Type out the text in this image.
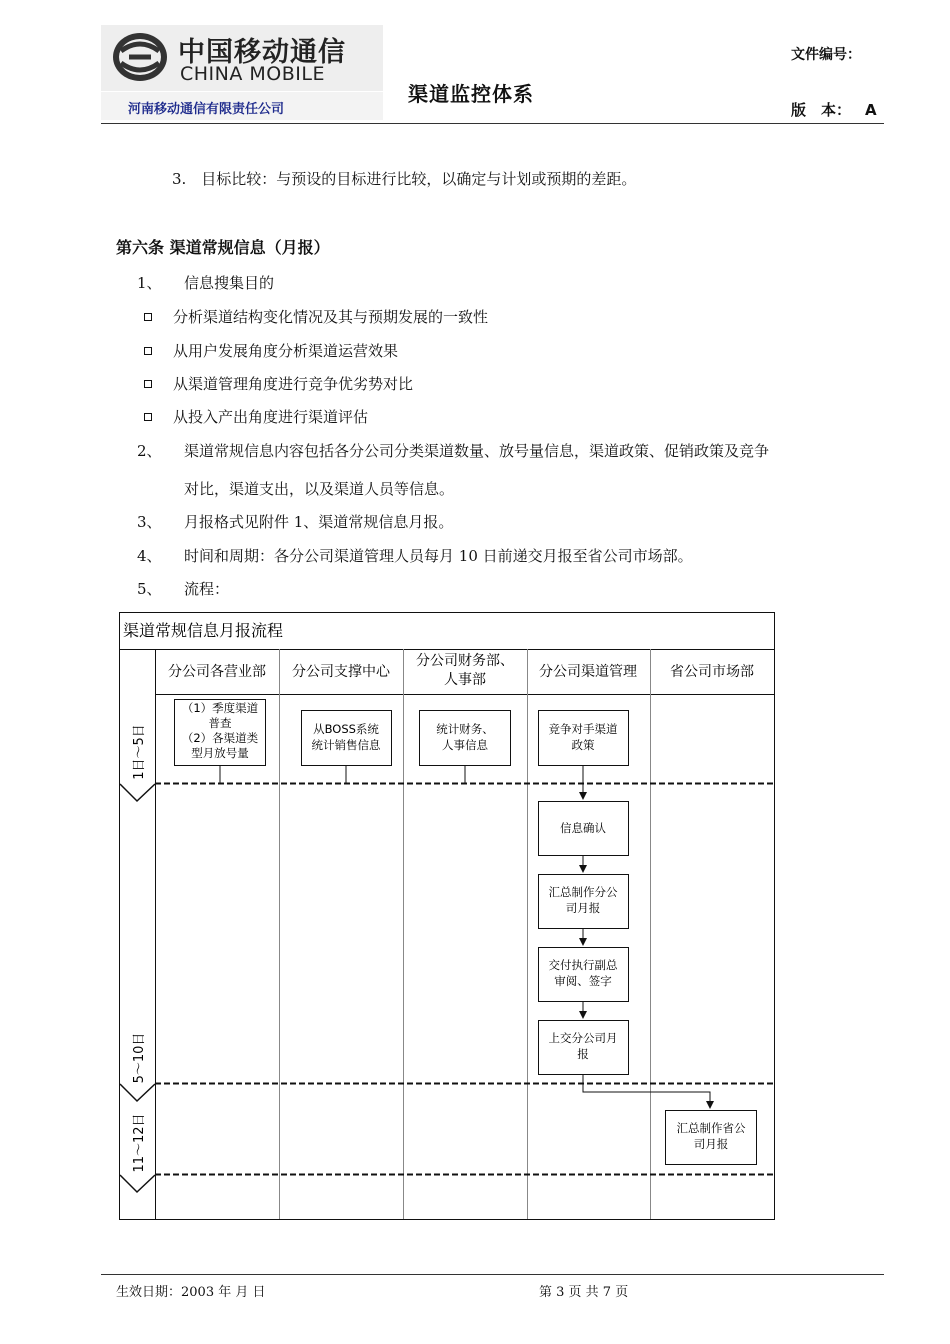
中国移动通信
CHINA MOBILE
河南移动通信有限责任公司
渠道监控体系
文件编号：
版　本： A
3.　目标比较：与预设的目标进行比较，以确定与计划或预期的差距。
第六条 渠道常规信息（月报）
1、 信息搜集目的
分析渠道结构变化情况及其与预期发展的一致性
从用户发展角度分析渠道运营效果
从渠道管理角度进行竞争优劣势对比
从投入产出角度进行渠道评估
2、 渠道常规信息内容包括各分公司分类渠道数量、放号量信息，渠道政策、促销政策及竞争
对比，渠道支出，以及渠道人员等信息。
3、 月报格式见附件 1、渠道常规信息月报。
4、 时间和周期：各分公司渠道管理人员每月 10 日前递交月报至省公司市场部。
5、 流程：
渠道常规信息月报流程
分公司各营业部 分公司支撑中心
分公司财务部、
人事部	分公司渠道管理 省公司市场部
1日～5日
5～10日
11～12日
（1）季度渠道
普查
（2）各渠道类
型月放号量
从BOSS系统
统计销售信息
统计财务、
人事信息
竞争对手渠道
政策
信息确认
汇总制作分公
司月报
交付执行副总
审阅、签字
上交分公司月
报
汇总制作省公
司月报
生效日期：2003 年 月 日	第 3 页 共 7 页
